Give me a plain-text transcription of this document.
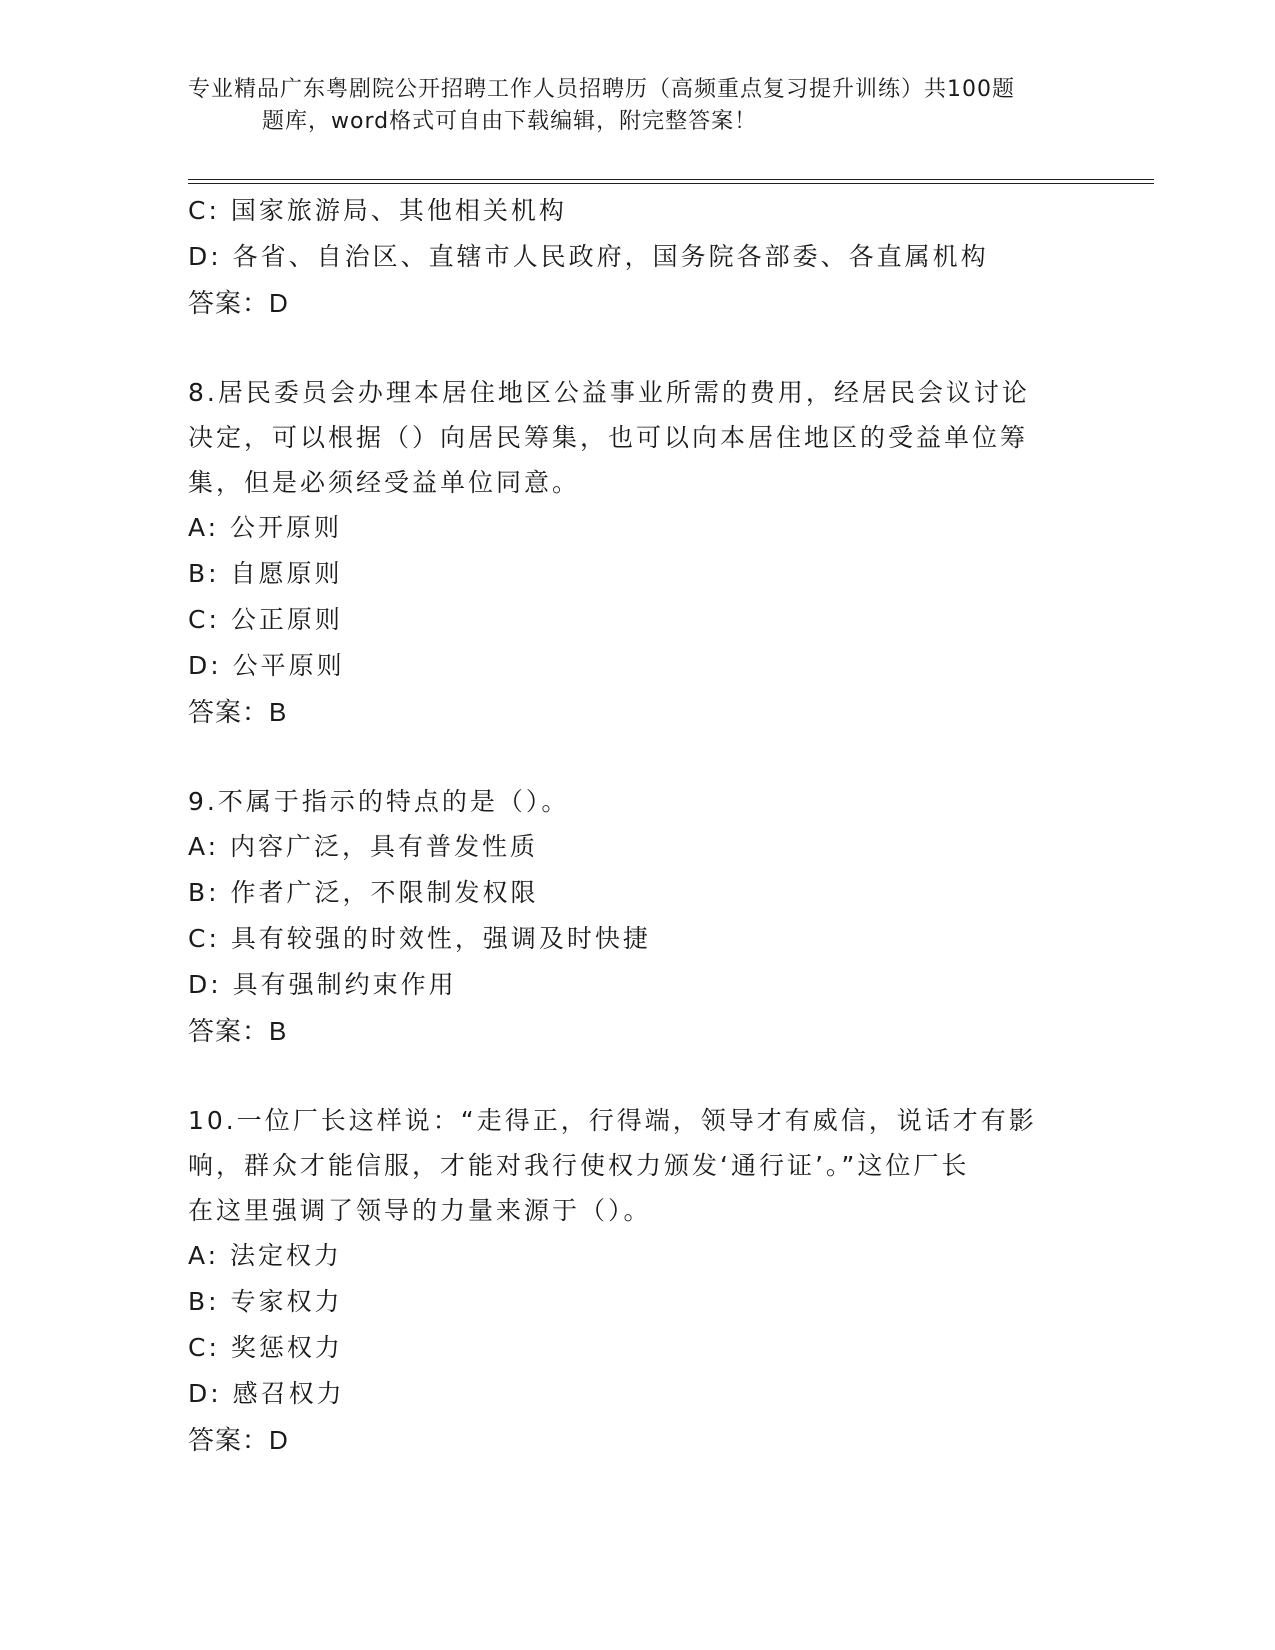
专业精品广东粤剧院公开招聘工作人员招聘历（高频重点复习提升训练）共100题
题库，word格式可自由下载编辑，附完整答案！
C: 国家旅游局、其他相关机构
D: 各省、自治区、直辖市人民政府，国务院各部委、各直属机构
答案：D
8.居民委员会办理本居住地区公益事业所需的费用，经居民会议讨论
决定，可以根据（）向居民筹集，也可以向本居住地区的受益单位筹
集，但是必须经受益单位同意。
A: 公开原则
B: 自愿原则
C: 公正原则
D: 公平原则
答案：B
9.不属于指示的特点的是（）。
A: 内容广泛，具有普发性质
B: 作者广泛，不限制发权限
C: 具有较强的时效性，强调及时快捷
D: 具有强制约束作用
答案：B
10.一位厂长这样说：“走得正，行得端，领导才有威信，说话才有影
响，群众才能信服，才能对我行使权力颁发‘通行证’。”这位厂长
在这里强调了领导的力量来源于（）。
A: 法定权力
B: 专家权力
C: 奖惩权力
D: 感召权力
答案：D
